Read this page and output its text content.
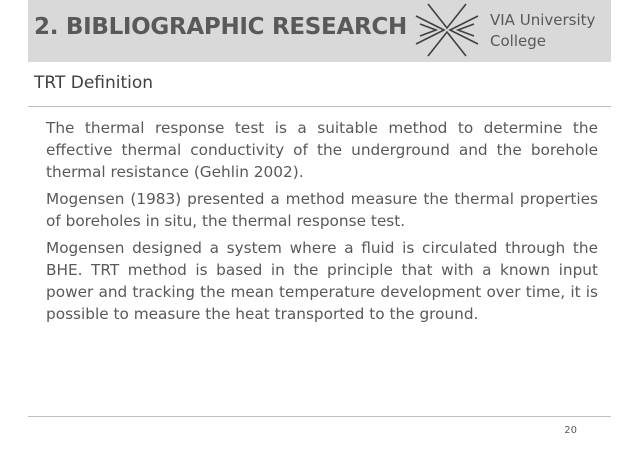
2. BIBLIOGRAPHIC RESEARCH	VIA University
College
TRT Definition

The thermal response test is a suitable method to determine the effective thermal conductivity of the underground and the borehole thermal resistance (Gehlin 2002).

Mogensen (1983) presented a method measure the thermal properties of boreholes in situ, the thermal response test.

Mogensen designed a system where a fluid is circulated through the BHE. TRT method is based in the principle that with a known input power and tracking the mean temperature development over time, it is possible to measure the heat transported to the ground.

20
